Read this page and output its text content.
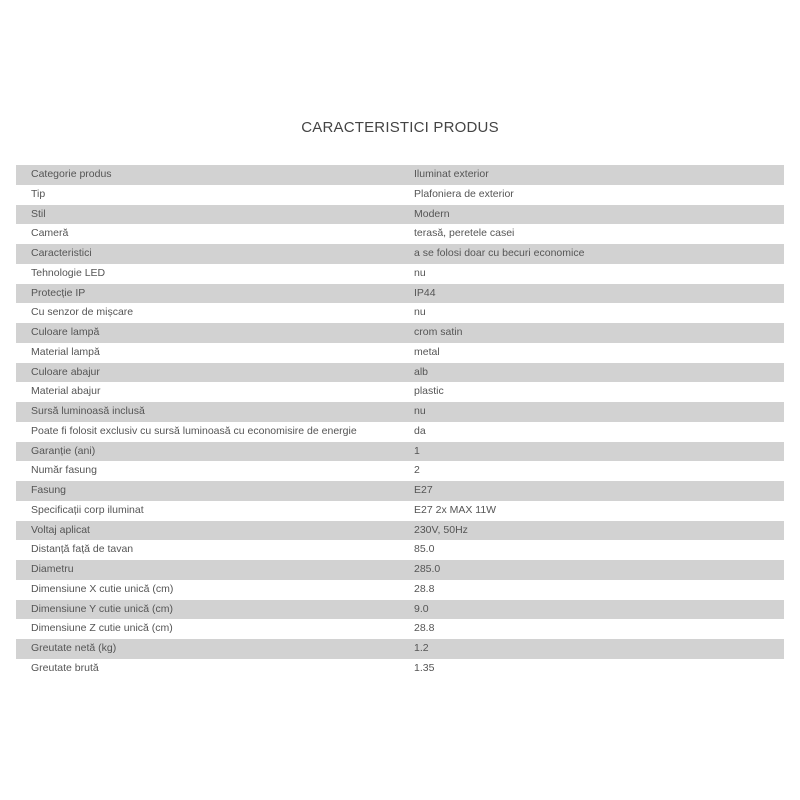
CARACTERISTICI PRODUS
Categorie produs	Iluminat exterior
Tip	Plafoniera de exterior
Stil	Modern
Cameră	terasă, peretele casei
Caracteristici	a se folosi doar cu becuri economice
Tehnologie LED	nu
Protecție IP	IP44
Cu senzor de mișcare	nu
Culoare lampă	crom satin
Material lampă	metal
Culoare abajur	alb
Material abajur	plastic
Sursă luminoasă inclusă	nu
Poate fi folosit exclusiv cu sursă luminoasă cu economisire de energie	da
Garanție (ani)	1
Număr fasung	2
Fasung	E27
Specificații corp iluminat	E27 2x MAX 11W
Voltaj aplicat	230V, 50Hz
Distanță față de tavan	85.0
Diametru	285.0
Dimensiune X cutie unică (cm)	28.8
Dimensiune Y cutie unică (cm)	9.0
Dimensiune Z cutie unică (cm)	28.8
Greutate netă (kg)	1.2
Greutate brută	1.35
